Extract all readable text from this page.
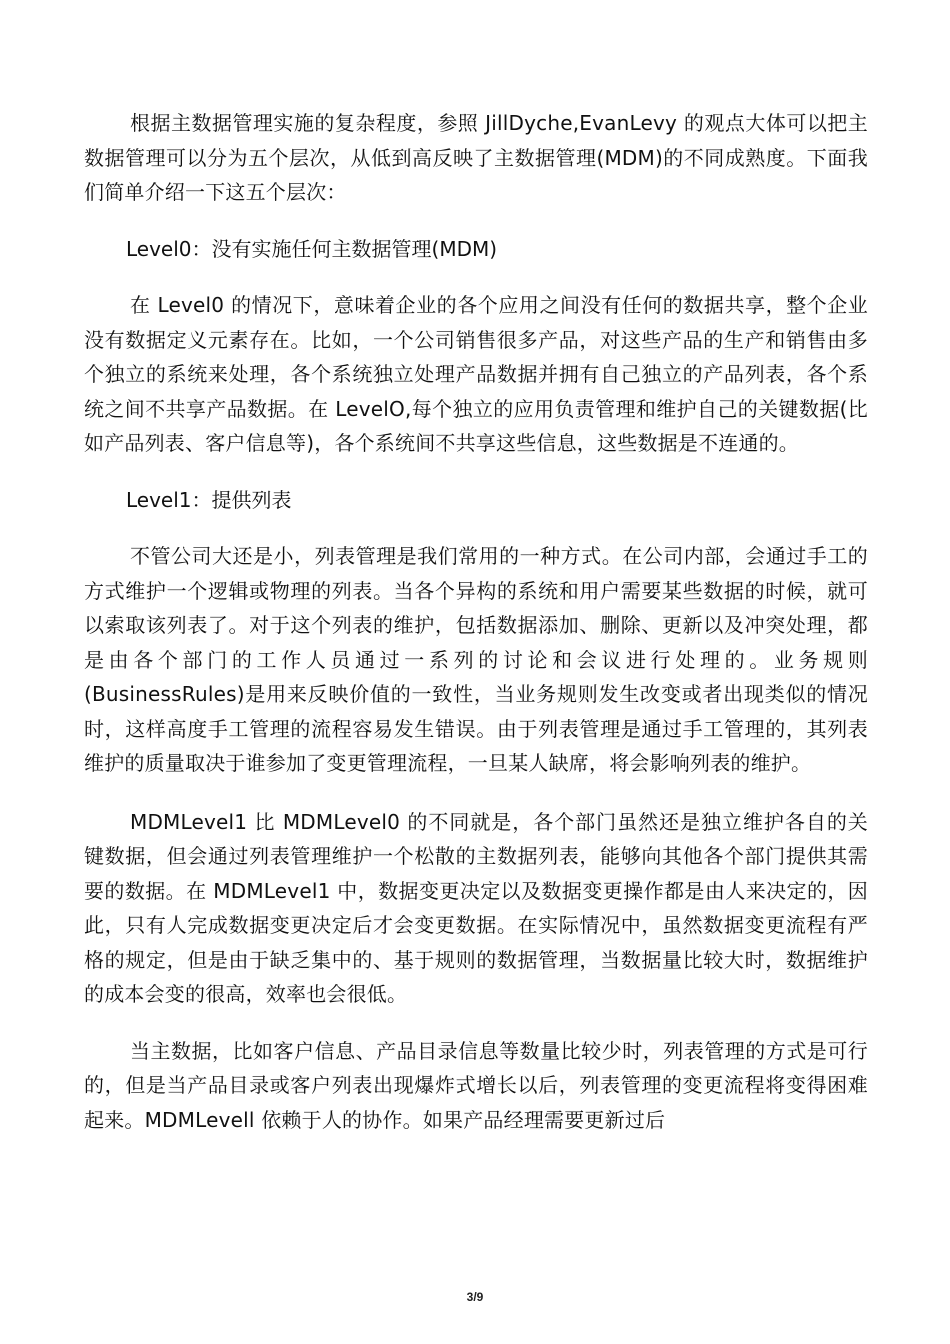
根据主数据管理实施的复杂程度，参照 JillDyche,EvanLevy 的观点大体可以把主数据管理可以分为五个层次，从低到高反映了主数据管理(MDM)的不同成熟度。下面我们简单介绍一下这五个层次：

Level0：没有实施任何主数据管理(MDM)

在 Level0 的情况下，意味着企业的各个应用之间没有任何的数据共享，整个企业没有数据定义元素存在。比如，一个公司销售很多产品，对这些产品的生产和销售由多个独立的系统来处理，各个系统独立处理产品数据并拥有自己独立的产品列表，各个系统之间不共享产品数据。在 LevelO,每个独立的应用负责管理和维护自己的关键数据(比如产品列表、客户信息等)，各个系统间不共享这些信息，这些数据是不连通的。

Level1：提供列表

不管公司大还是小，列表管理是我们常用的一种方式。在公司内部，会通过手工的方式维护一个逻辑或物理的列表。当各个异构的系统和用户需要某些数据的时候，就可以索取该列表了。对于这个列表的维护，包括数据添加、删除、更新以及冲突处理，都是由各个部门的工作人员通过一系列的讨论和会议进行处理的。业务规则(BusinessRules)是用来反映价值的一致性，当业务规则发生改变或者出现类似的情况时，这样高度手工管理的流程容易发生错误。由于列表管理是通过手工管理的，其列表维护的质量取决于谁参加了变更管理流程，一旦某人缺席，将会影响列表的维护。

MDMLevel1 比 MDMLevel0 的不同就是，各个部门虽然还是独立维护各自的关键数据，但会通过列表管理维护一个松散的主数据列表，能够向其他各个部门提供其需要的数据。在 MDMLevel1 中，数据变更决定以及数据变更操作都是由人来决定的，因此，只有人完成数据变更决定后才会变更数据。在实际情况中，虽然数据变更流程有严格的规定，但是由于缺乏集中的、基于规则的数据管理，当数据量比较大时，数据维护的成本会变的很高，效率也会很低。

当主数据，比如客户信息、产品目录信息等数量比较少时，列表管理的方式是可行的，但是当产品目录或客户列表出现爆炸式增长以后，列表管理的变更流程将变得困难起来。MDMLevell 依赖于人的协作。如果产品经理需要更新过后

3/9
